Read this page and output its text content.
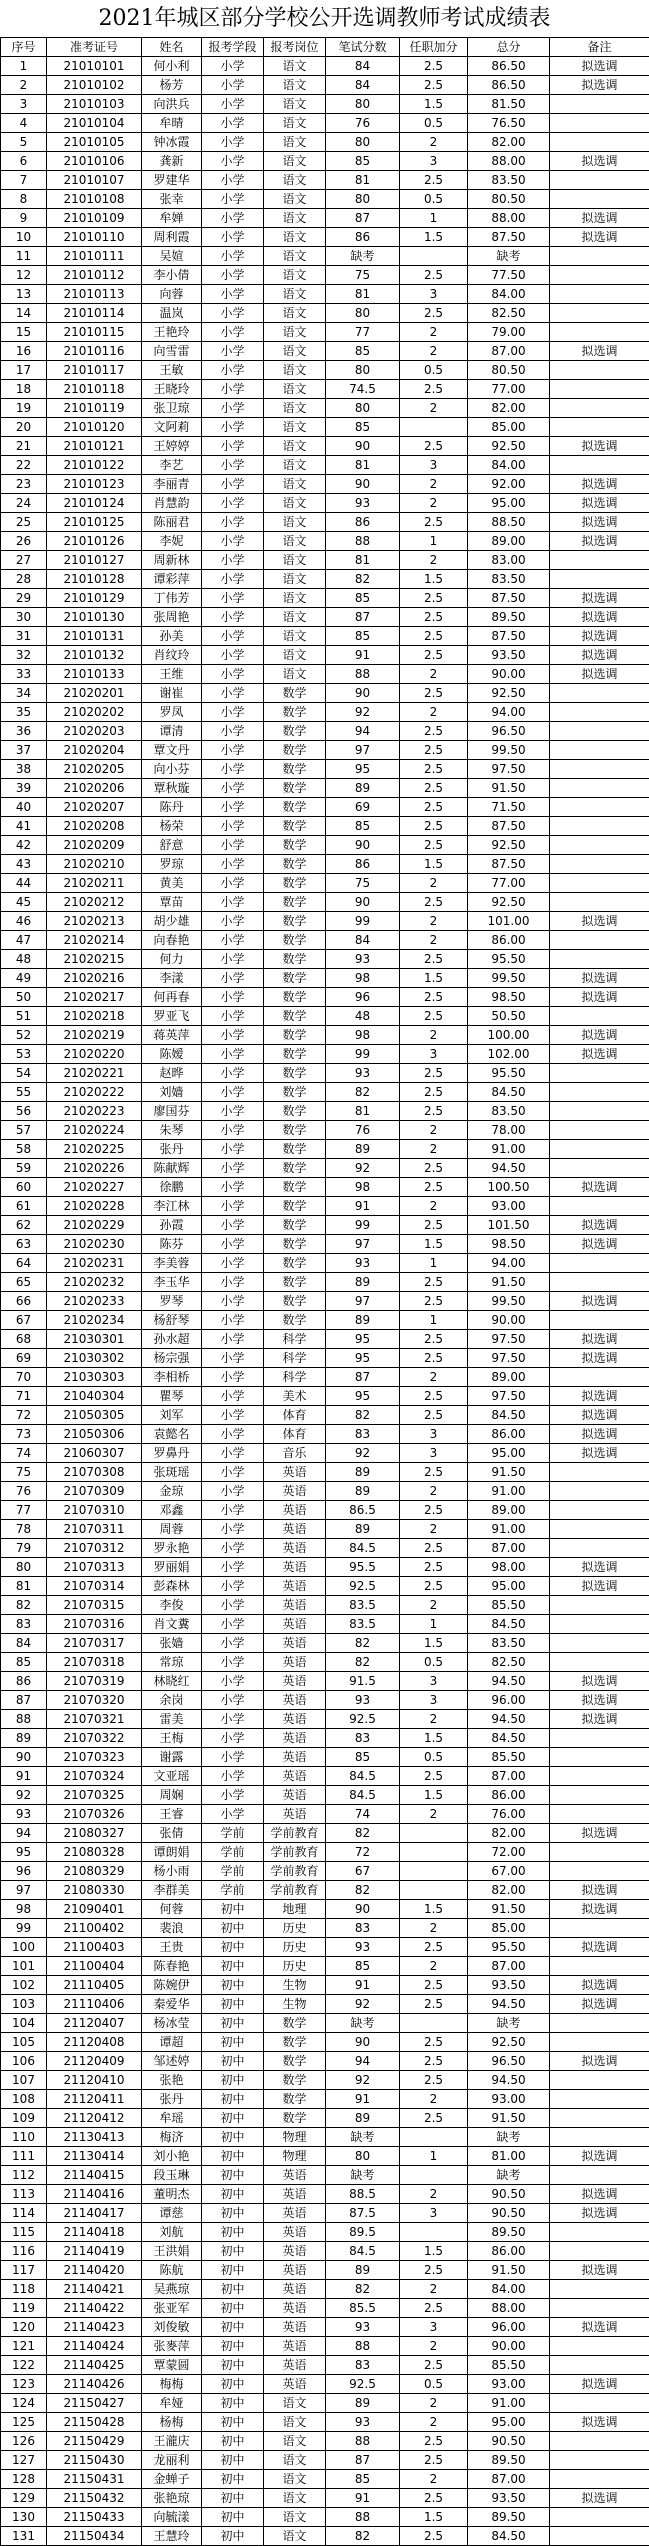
2021年城区部分学校公开选调教师考试成绩表
序号	准考证号	姓名	报考学段	报考岗位	笔试分数	任职加分	总分	备注
1	21010101	何小利	小学	语文	84	2.5	86.50	拟选调
2	21010102	杨芳	小学	语文	84	2.5	86.50	拟选调
3	21010103	向洪兵	小学	语文	80	1.5	81.50	
4	21010104	牟晴	小学	语文	76	0.5	76.50	
5	21010105	钟冰霞	小学	语文	80	2	82.00	
6	21010106	龚新	小学	语文	85	3	88.00	拟选调
7	21010107	罗建华	小学	语文	81	2.5	83.50	
8	21010108	张幸	小学	语文	80	0.5	80.50	
9	21010109	牟婵	小学	语文	87	1	88.00	拟选调
10	21010110	周利霞	小学	语文	86	1.5	87.50	拟选调
11	21010111	吴媗	小学	语文	缺考		缺考	
12	21010112	李小倩	小学	语文	75	2.5	77.50	
13	21010113	向蓉	小学	语文	81	3	84.00	
14	21010114	温岚	小学	语文	80	2.5	82.50	
15	21010115	王艳玲	小学	语文	77	2	79.00	
16	21010116	向雪雷	小学	语文	85	2	87.00	拟选调
17	21010117	王敏	小学	语文	80	0.5	80.50	
18	21010118	王晓玲	小学	语文	74.5	2.5	77.00	
19	21010119	张卫琼	小学	语文	80	2	82.00	
20	21010120	文阿莉	小学	语文	85		85.00	
21	21010121	王婷婷	小学	语文	90	2.5	92.50	拟选调
22	21010122	李艺	小学	语文	81	3	84.00	
23	21010123	李丽青	小学	语文	90	2	92.00	拟选调
24	21010124	肖慧韵	小学	语文	93	2	95.00	拟选调
25	21010125	陈丽君	小学	语文	86	2.5	88.50	拟选调
26	21010126	李妮	小学	语文	88	1	89.00	拟选调
27	21010127	周新林	小学	语文	81	2	83.00	
28	21010128	谭彩萍	小学	语文	82	1.5	83.50	
29	21010129	丁伟芳	小学	语文	85	2.5	87.50	拟选调
30	21010130	张周艳	小学	语文	87	2.5	89.50	拟选调
31	21010131	孙美	小学	语文	85	2.5	87.50	拟选调
32	21010132	肖纹玲	小学	语文	91	2.5	93.50	拟选调
33	21010133	王维	小学	语文	88	2	90.00	拟选调
34	21020201	谢崔	小学	数学	90	2.5	92.50	
35	21020202	罗凤	小学	数学	92	2	94.00	
36	21020203	谭清	小学	数学	94	2.5	96.50	
37	21020204	覃文丹	小学	数学	97	2.5	99.50	
38	21020205	向小芬	小学	数学	95	2.5	97.50	
39	21020206	覃秋璇	小学	数学	89	2.5	91.50	
40	21020207	陈丹	小学	数学	69	2.5	71.50	
41	21020208	杨荣	小学	数学	85	2.5	87.50	
42	21020209	舒意	小学	数学	90	2.5	92.50	
43	21020210	罗琼	小学	数学	86	1.5	87.50	
44	21020211	黄美	小学	数学	75	2	77.00	
45	21020212	覃苗	小学	数学	90	2.5	92.50	
46	21020213	胡少雄	小学	数学	99	2	101.00	拟选调
47	21020214	向春艳	小学	数学	84	2	86.00	
48	21020215	何力	小学	数学	93	2.5	95.50	
49	21020216	李漾	小学	数学	98	1.5	99.50	拟选调
50	21020217	何再春	小学	数学	96	2.5	98.50	拟选调
51	21020218	罗亚飞	小学	数学	48	2.5	50.50	
52	21020219	蒋英萍	小学	数学	98	2	100.00	拟选调
53	21020220	陈嫒	小学	数学	99	3	102.00	拟选调
54	21020221	赵晔	小学	数学	93	2.5	95.50	
55	21020222	刘嫱	小学	数学	82	2.5	84.50	
56	21020223	廖国芬	小学	数学	81	2.5	83.50	
57	21020224	朱琴	小学	数学	76	2	78.00	
58	21020225	张丹	小学	数学	89	2	91.00	
59	21020226	陈献辉	小学	数学	92	2.5	94.50	
60	21020227	徐鹏	小学	数学	98	2.5	100.50	拟选调
61	21020228	李江林	小学	数学	91	2	93.00	
62	21020229	孙霞	小学	数学	99	2.5	101.50	拟选调
63	21020230	陈芬	小学	数学	97	1.5	98.50	拟选调
64	21020231	李美蓉	小学	数学	93	1	94.00	
65	21020232	李玉华	小学	数学	89	2.5	91.50	
66	21020233	罗琴	小学	数学	97	2.5	99.50	拟选调
67	21020234	杨舒琴	小学	数学	89	1	90.00	
68	21030301	孙水超	小学	科学	95	2.5	97.50	拟选调
69	21030302	杨宗强	小学	科学	95	2.5	97.50	拟选调
70	21030303	李相桥	小学	科学	87	2	89.00	
71	21040304	瞿琴	小学	美术	95	2.5	97.50	拟选调
72	21050305	刘军	小学	体育	82	2.5	84.50	拟选调
73	21050306	袁懿名	小学	体育	83	3	86.00	拟选调
74	21060307	罗鼻丹	小学	音乐	92	3	95.00	拟选调
75	21070308	张斑瑶	小学	英语	89	2.5	91.50	
76	21070309	金琼	小学	英语	89	2	91.00	
77	21070310	邓鑫	小学	英语	86.5	2.5	89.00	
78	21070311	周蓉	小学	英语	89	2	91.00	
79	21070312	罗永艳	小学	英语	84.5	2.5	87.00	
80	21070313	罗丽娟	小学	英语	95.5	2.5	98.00	拟选调
81	21070314	彭森林	小学	英语	92.5	2.5	95.00	拟选调
82	21070315	李俊	小学	英语	83.5	2	85.50	
83	21070316	肖文糞	小学	英语	83.5	1	84.50	
84	21070317	张嫱	小学	英语	82	1.5	83.50	
85	21070318	常琼	小学	英语	82	0.5	82.50	
86	21070319	林晓红	小学	英语	91.5	3	94.50	拟选调
87	21070320	余岗	小学	英语	93	3	96.00	拟选调
88	21070321	雷美	小学	英语	92.5	2	94.50	拟选调
89	21070322	王梅	小学	英语	83	1.5	84.50	
90	21070323	谢露	小学	英语	85	0.5	85.50	
91	21070324	文亚瑶	小学	英语	84.5	2.5	87.00	
92	21070325	周娴	小学	英语	84.5	1.5	86.00	
93	21070326	王睿	小学	英语	74	2	76.00	
94	21080327	张倩	学前	学前教育	82		82.00	拟选调
95	21080328	谭朗娟	学前	学前教育	72		72.00	
96	21080329	杨小雨	学前	学前教育	67		67.00	
97	21080330	李群美	学前	学前教育	82		82.00	拟选调
98	21090401	何蓉	初中	地理	90	1.5	91.50	拟选调
99	21100402	裴浪	初中	历史	83	2	85.00	
100	21100403	王贵	初中	历史	93	2.5	95.50	拟选调
101	21100404	陈春艳	初中	历史	85	2	87.00	
102	21110405	陈婉伊	初中	生物	91	2.5	93.50	拟选调
103	21110406	秦爱华	初中	生物	92	2.5	94.50	拟选调
104	21120407	杨冰莹	初中	数学	缺考		缺考	
105	21120408	谭超	初中	数学	90	2.5	92.50	
106	21120409	邹述婷	初中	数学	94	2.5	96.50	拟选调
107	21120410	张艳	初中	数学	92	2.5	94.50	
108	21120411	张丹	初中	数学	91	2	93.00	
109	21120412	牟瑶	初中	数学	89	2.5	91.50	
110	21130413	梅济	初中	物理	缺考		缺考	
111	21130414	刘小艳	初中	物理	80	1	81.00	拟选调
112	21140415	段玉琳	初中	英语	缺考		缺考	
113	21140416	董明杰	初中	英语	88.5	2	90.50	拟选调
114	21140417	谭慈	初中	英语	87.5	3	90.50	拟选调
115	21140418	刘航	初中	英语	89.5		89.50	
116	21140419	王洪娟	初中	英语	84.5	1.5	86.00	
117	21140420	陈航	初中	英语	89	2.5	91.50	拟选调
118	21140421	吴燕琼	初中	英语	82	2	84.00	
119	21140422	张亚军	初中	英语	85.5	2.5	88.00	
120	21140423	刘俊敏	初中	英语	93	3	96.00	拟选调
121	21140424	张麥萍	初中	英语	88	2	90.00	
122	21140425	覃蒙圆	初中	英语	83	2.5	85.50	
123	21140426	梅梅	初中	英语	92.5	0.5	93.00	拟选调
124	21150427	牟娅	初中	语文	89	2	91.00	
125	21150428	杨梅	初中	语文	93	2	95.00	拟选调
126	21150429	王瀧庆	初中	语文	88	2.5	90.50	
127	21150430	龙丽利	初中	语文	87	2.5	89.50	
128	21150431	金蝉子	初中	语文	85	2	87.00	
129	21150432	张艳琼	初中	语文	91	2.5	93.50	拟选调
130	21150433	向毓漾	初中	语文	88	1.5	89.50	
131	21150434	王慧玲	初中	语文	82	2.5	84.50	
